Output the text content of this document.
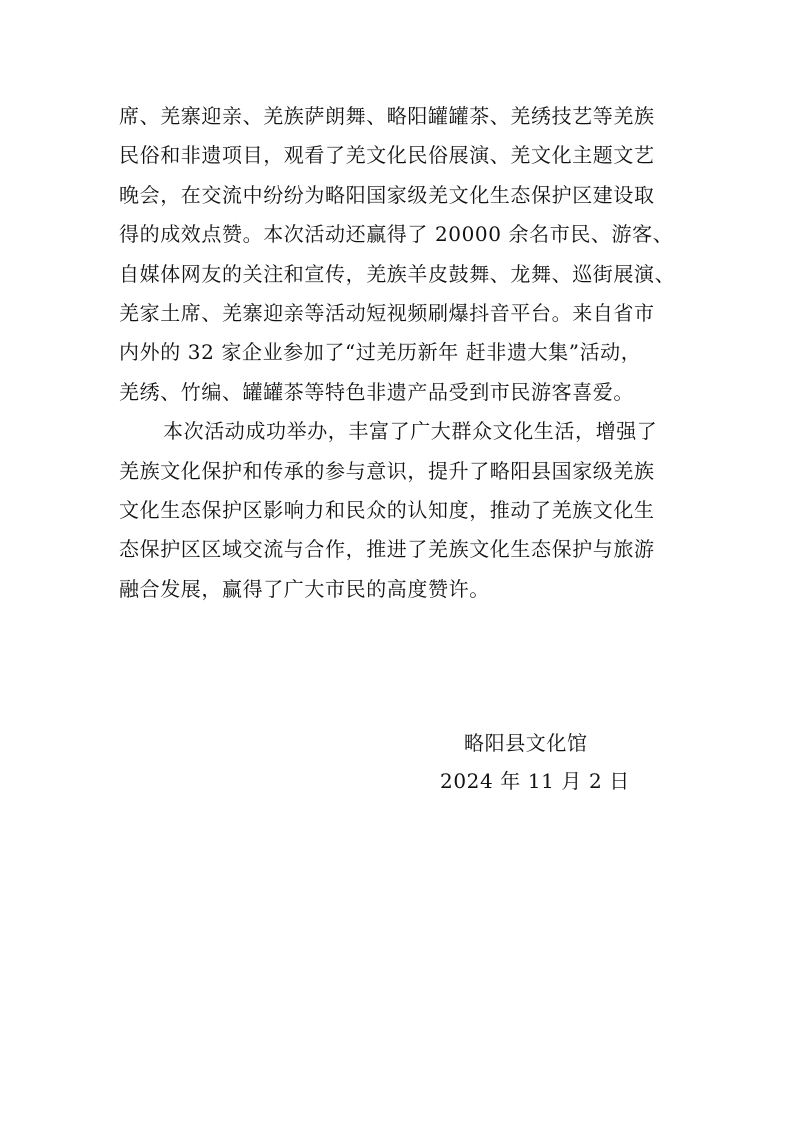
席、羌寨迎亲、羌族萨朗舞、略阳罐罐茶、羌绣技艺等羌族
民俗和非遗项目，观看了羌文化民俗展演、羌文化主题文艺
晚会，在交流中纷纷为略阳国家级羌文化生态保护区建设取
得的成效点赞。本次活动还赢得了 20000 余名市民、游客、
自媒体网友的关注和宣传，羌族羊皮鼓舞、龙舞、巡街展演、
羌家土席、羌寨迎亲等活动短视频刷爆抖音平台。来自省市
内外的 32 家企业参加了“过羌历新年 赶非遗大集”活动，
羌绣、竹编、罐罐茶等特色非遗产品受到市民游客喜爱。
本次活动成功举办，丰富了广大群众文化生活，增强了
羌族文化保护和传承的参与意识，提升了略阳县国家级羌族
文化生态保护区影响力和民众的认知度，推动了羌族文化生
态保护区区域交流与合作，推进了羌族文化生态保护与旅游
融合发展，赢得了广大市民的高度赞许。
略阳县文化馆
2024 年 11 月 2 日
